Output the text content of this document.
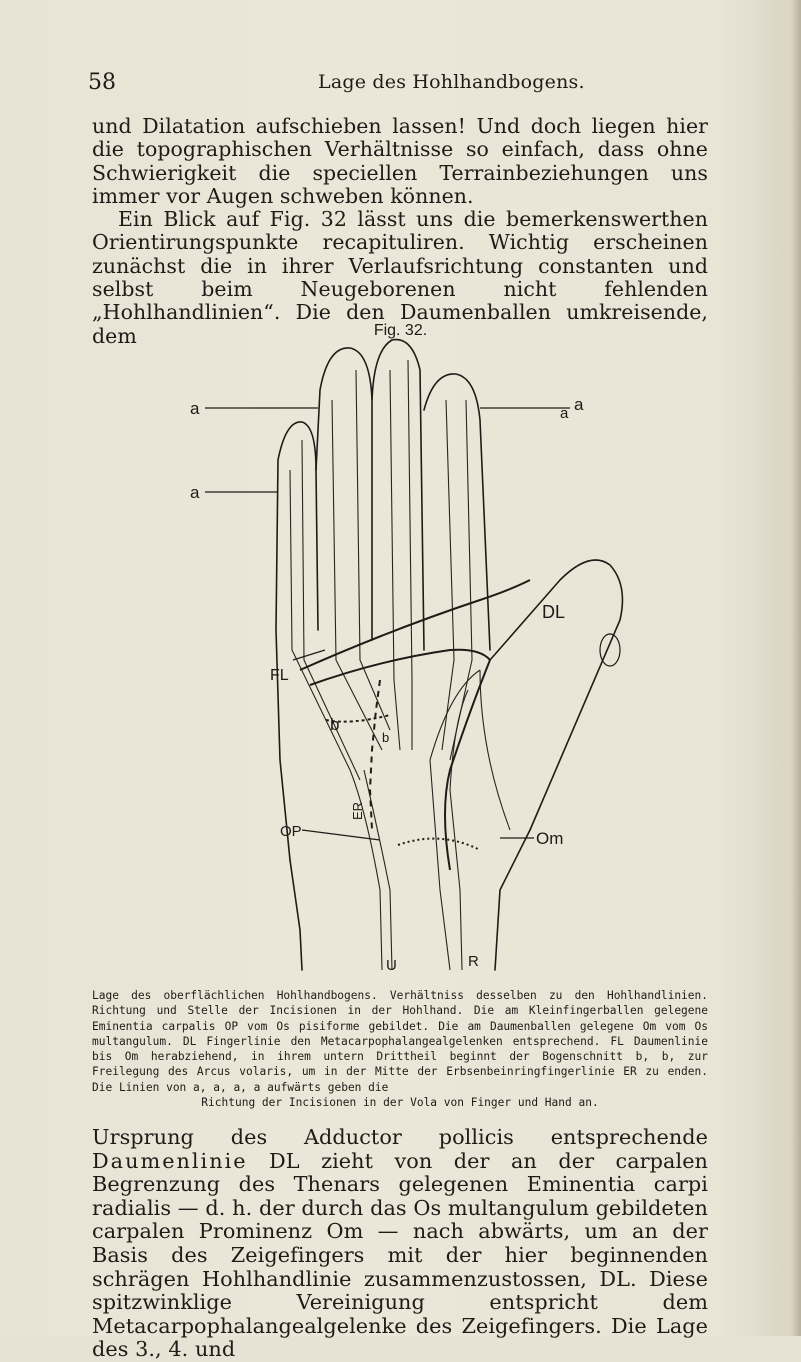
58	Lage des Hohlhandbogens.

und Dilatation aufschieben lassen! Und doch liegen hier die topographischen Verhältnisse so einfach, dass ohne Schwierigkeit die speciellen Terrainbeziehungen uns immer vor Augen schweben können.

Ein Blick auf Fig. 32 lässt uns die bemerkenswerthen Orientirungspunkte recapituliren. Wichtig erscheinen zunächst die in ihrer Verlaufsrichtung constanten und selbst beim Neugeborenen nicht fehlenden „Hohlhandlinien“. Die den Daumenballen umkreisende, dem	Fig. 32.
a
a
a a
DL
FL
b
b
ER
OP	Om
U	R

Lage des oberflächlichen Hohlhandbogens. Verhältniss desselben zu den Hohlhandlinien. Richtung und Stelle der Incisionen in der Hohlhand. Die am Kleinfingerballen gelegene Eminentia carpalis OP vom Os pisiforme gebildet. Die am Daumenballen gelegene Om vom Os multangulum. DL Fingerlinie den Metacarpophalangealgelenken entsprechend. FL Daumenlinie bis Om herabziehend, in ihrem untern Drittheil beginnt der Bogenschnitt b, b, zur Freilegung des Arcus volaris, um in der Mitte der Erbsenbeinringfingerlinie ER zu enden. Die Linien von a, a, a, a aufwärts geben die

Richtung der Incisionen in der Vola von Finger und Hand an.

Ursprung des Adductor pollicis entsprechende Daumenlinie DL zieht von der an der carpalen Begrenzung des Thenars gelegenen Eminentia carpi radialis — d. h. der durch das Os multangulum gebildeten carpalen Prominenz Om — nach abwärts, um an der Basis des Zeigefingers mit der hier beginnenden schrägen Hohlhandlinie zusammenzustossen, DL. Diese spitzwinklige Vereinigung entspricht dem Metacarpophalangealgelenke des Zeigefingers. Die Lage des 3., 4. und
